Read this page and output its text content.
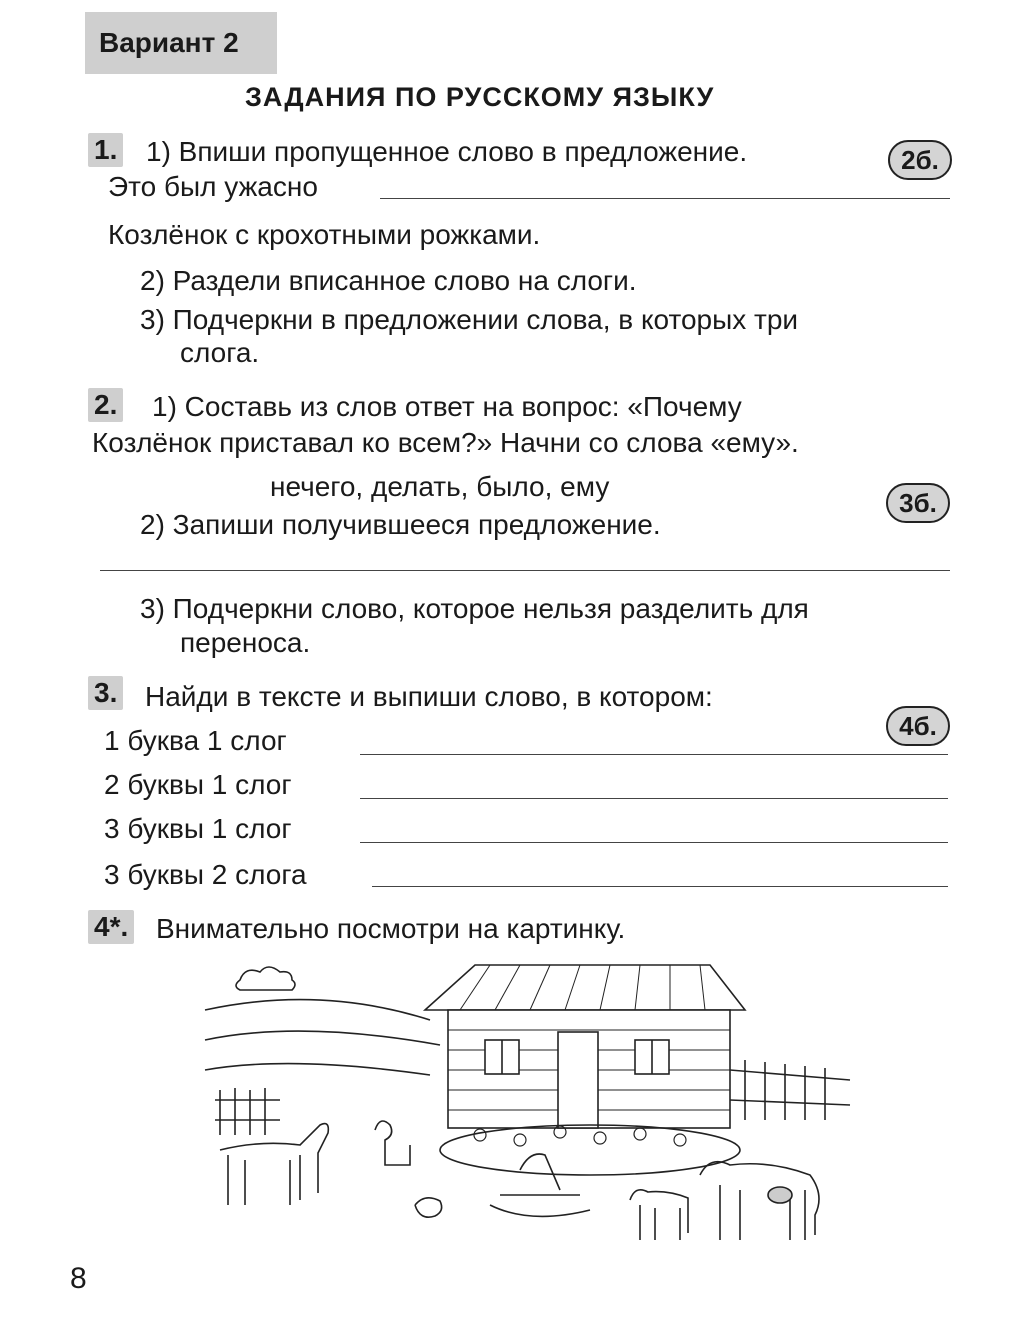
Вариант 2
ЗАДАНИЯ ПО РУССКОМУ ЯЗЫКУ
1. 1) Впиши пропущенное слово в предложение.	2б.
Это был ужасно
Козлёнок с крохотными рожками.
2) Раздели вписанное слово на слоги.
3) Подчеркни в предложении слова, в которых три
слога.
2. 1) Составь из слов ответ на вопрос: «Почему
Козлёнок приставал ко всем?» Начни со слова «ему».
нечего, делать, было, ему
3б.
2) Запиши получившееся предложение.
3) Подчеркни слово, которое нельзя разделить для
переноса.
3. Найди в тексте и выпиши слово, в котором:
4б.
1 буква 1 слог
2 буквы 1 слог
3 буквы 1 слог
3 буквы 2 слога
4*. Внимательно посмотри на картинку.
8
